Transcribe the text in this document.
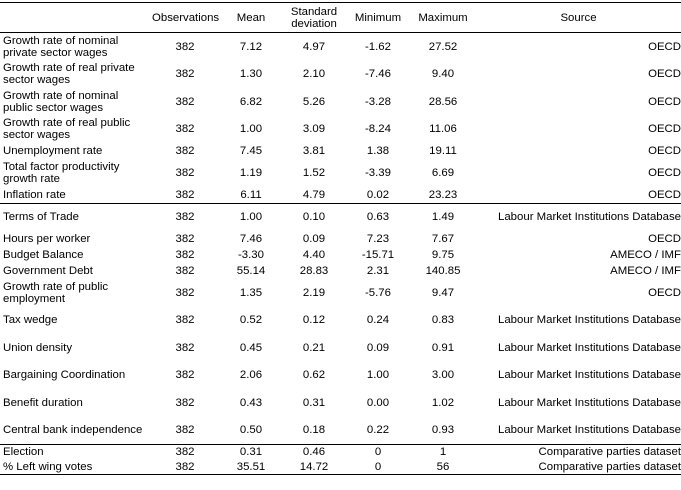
	Observations	Mean	Standard deviation	Minimum	Maximum	Source
Growth rate of nominal private sector wages	382	7.12	4.97	-1.62	27.52	OECD
Growth rate of real private sector wages	382	1.30	2.10	-7.46	9.40	OECD
Growth rate of nominal public sector wages	382	6.82	5.26	-3.28	28.56	OECD
Growth rate of real public sector wages	382	1.00	3.09	-8.24	11.06	OECD
Unemployment rate	382	7.45	3.81	1.38	19.11	OECD
Total factor productivity growth rate	382	1.19	1.52	-3.39	6.69	OECD
Inflation rate	382	6.11	4.79	0.02	23.23	OECD
Terms of Trade	382	1.00	0.10	0.63	1.49	Labour Market Institutions Database
Hours per worker	382	7.46	0.09	7.23	7.67	OECD
Budget Balance	382	-3.30	4.40	-15.71	9.75	AMECO / IMF
Government Debt	382	55.14	28.83	2.31	140.85	AMECO / IMF
Growth rate of public employment	382	1.35	2.19	-5.76	9.47	OECD
Tax wedge	382	0.52	0.12	0.24	0.83	Labour Market Institutions Database
Union density	382	0.45	0.21	0.09	0.91	Labour Market Institutions Database
Bargaining Coordination	382	2.06	0.62	1.00	3.00	Labour Market Institutions Database
Benefit duration	382	0.43	0.31	0.00	1.02	Labour Market Institutions Database
Central bank independence	382	0.50	0.18	0.22	0.93	Labour Market Institutions Database
Election	382	0.31	0.46	0	1	Comparative parties dataset
% Left wing votes	382	35.51	14.72	0	56	Comparative parties dataset
